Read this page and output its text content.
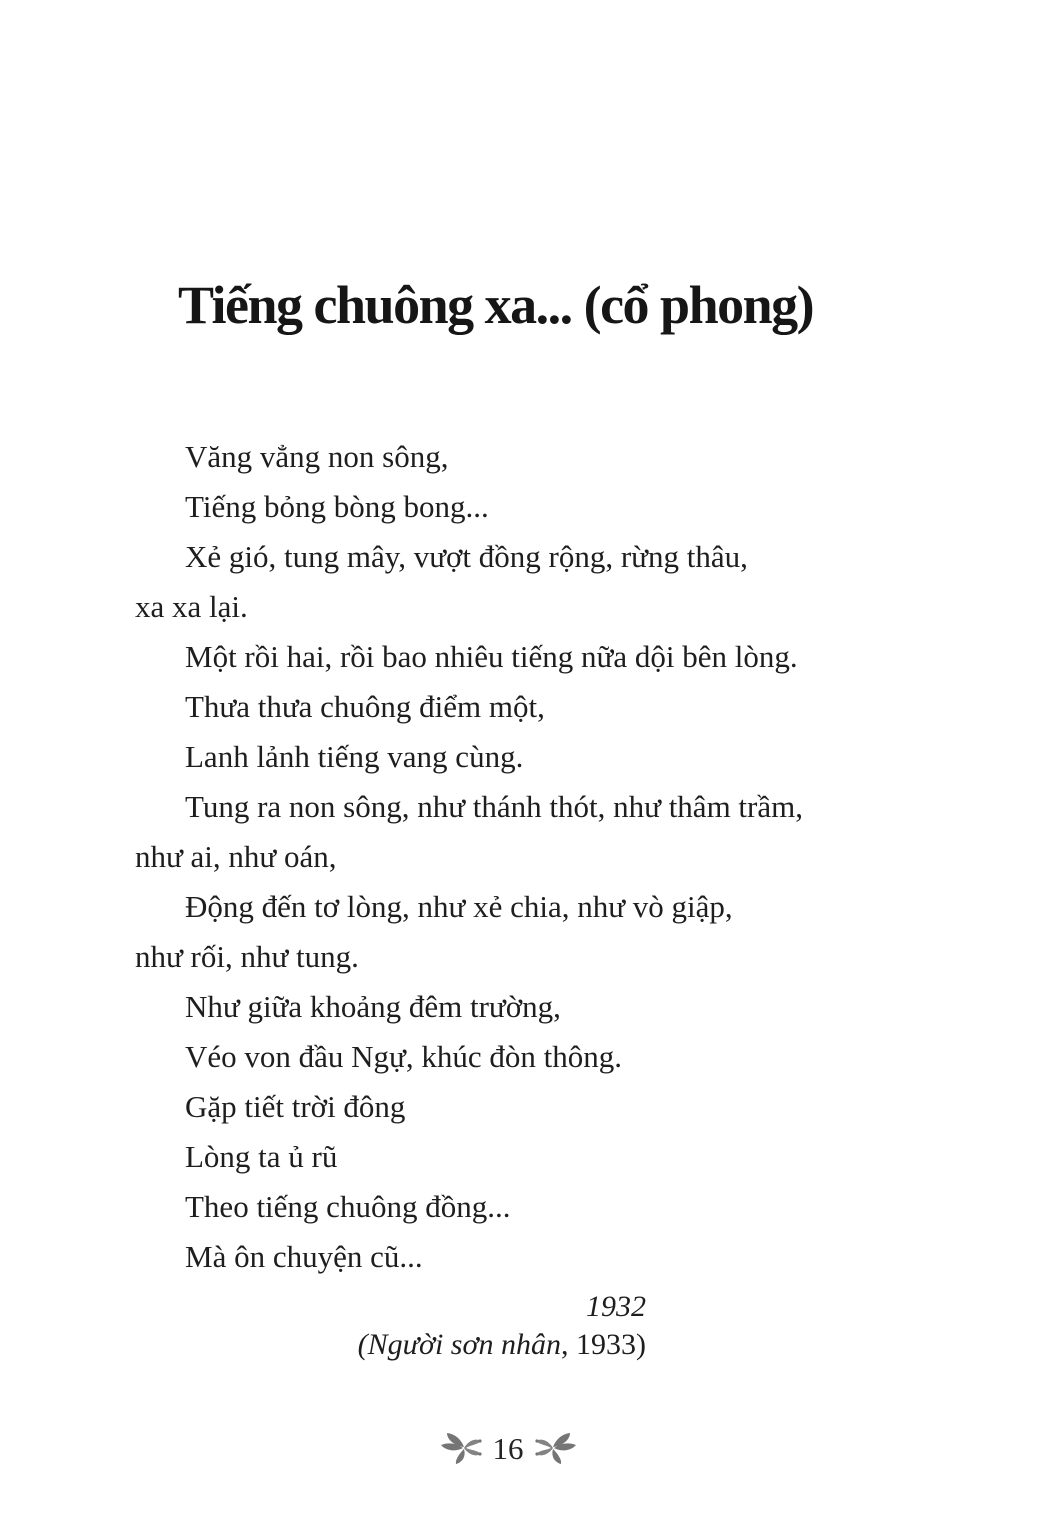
Tiếng chuông xa... (cổ phong)
Văng vẳng non sông,
Tiếng bỏng bòng bong...
Xẻ gió, tung mây, vượt đồng rộng, rừng thâu,
xa xa lại.
Một rồi hai, rồi bao nhiêu tiếng nữa dội bên lòng.
Thưa thưa chuông điểm một,
Lanh lảnh tiếng vang cùng.
Tung ra non sông, như thánh thót, như thâm trầm,
như ai, như oán,
Động đến tơ lòng, như xẻ chia, như vò giập,
như rối, như tung.
Như giữa khoảng đêm trường,
Véo von đầu Ngự, khúc đòn thông.
Gặp tiết trời đông
Lòng ta ủ rũ
Theo tiếng chuông đồng...
Mà ôn chuyện cũ...
1932
(Người sơn nhân, 1933)
16
